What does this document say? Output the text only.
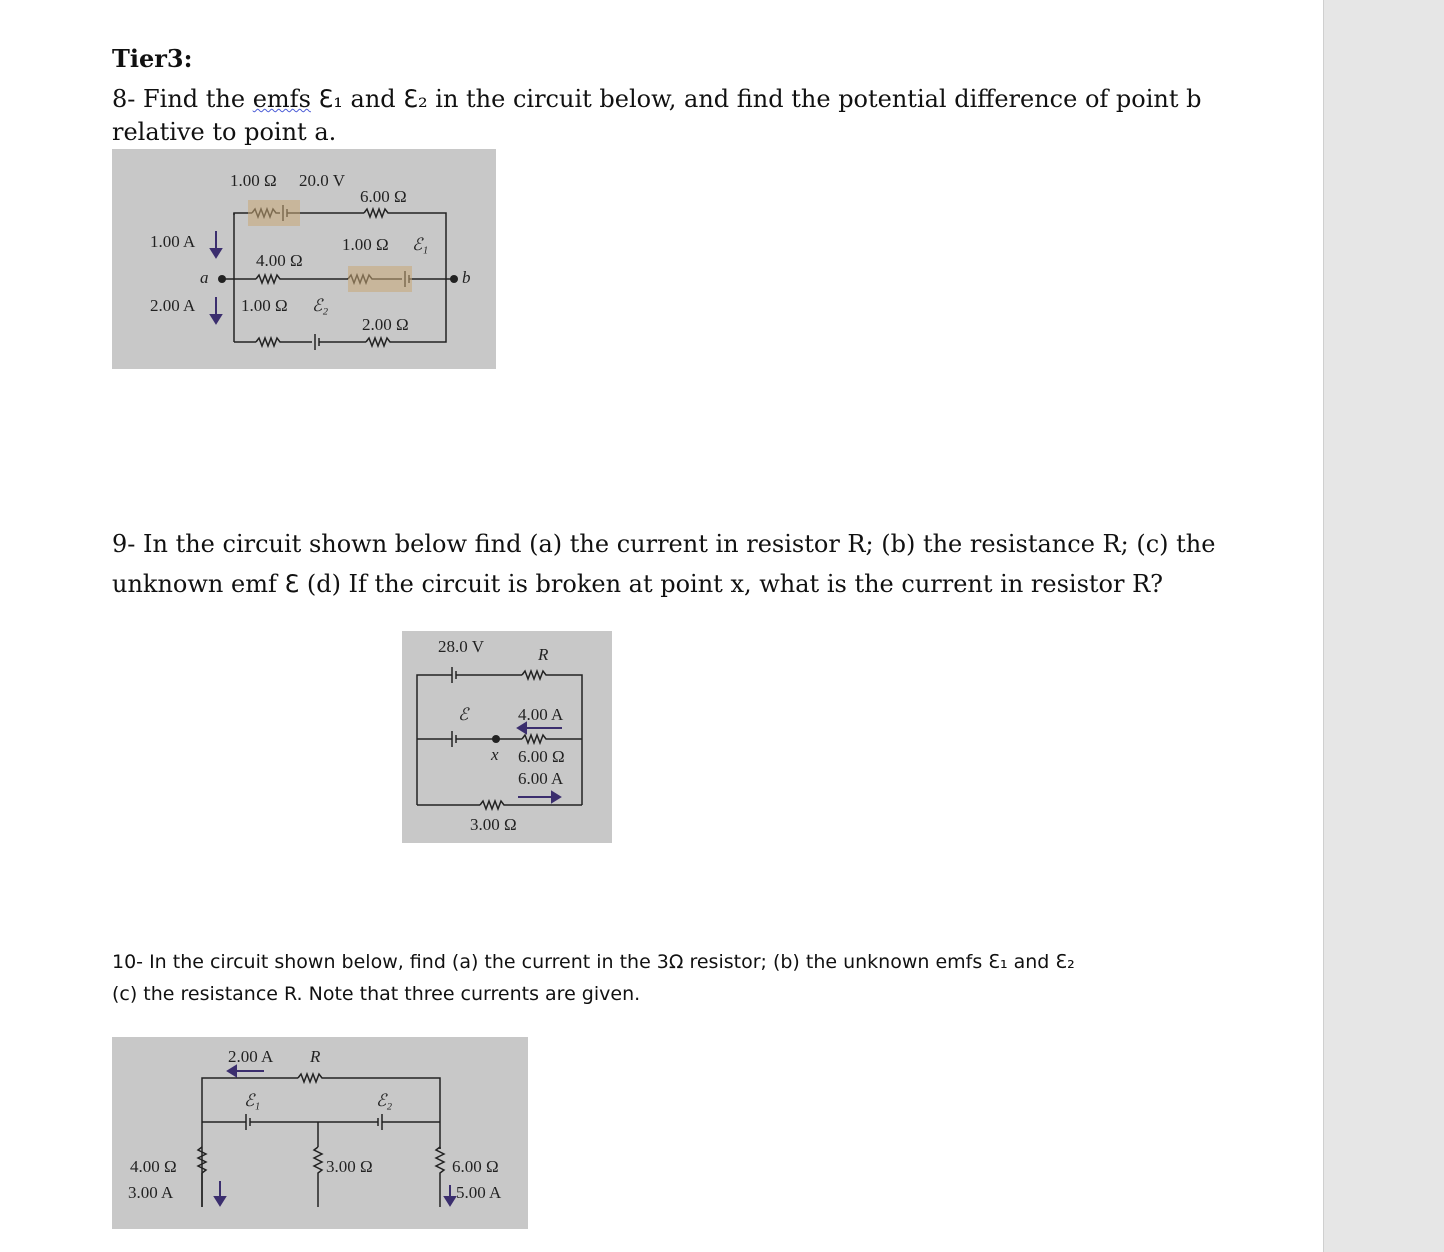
Tier3:
8- Find the emfs ℇ₁ and ℇ₂ in the circuit below, and find the potential difference of point b
relative to point a.
1.00 Ω 20.0 V
6.00 Ω
1.00 A
4.00 Ω
1.00 Ω ℰ₁
a	b
2.00 A	1.00 Ω ℰ₂
2.00 Ω
9- In the circuit shown below find (a) the current in resistor R; (b) the resistance R; (c) the
unknown emf ℇ (d) If the circuit is broken at point x, what is the current in resistor R?
28.0 V	R
ℰ	4.00 A
x 6.00 Ω
6.00 A
3.00 Ω
10- In the circuit shown below, find (a) the current in the 3Ω resistor; (b) the unknown emfs ℇ₁ and ℇ₂
(c) the resistance R. Note that three currents are given.
2.00 A R
ℰ₁	ℰ₂
4.00 Ω
3.00 A
3.00 Ω	6.00 Ω
5.00 A
